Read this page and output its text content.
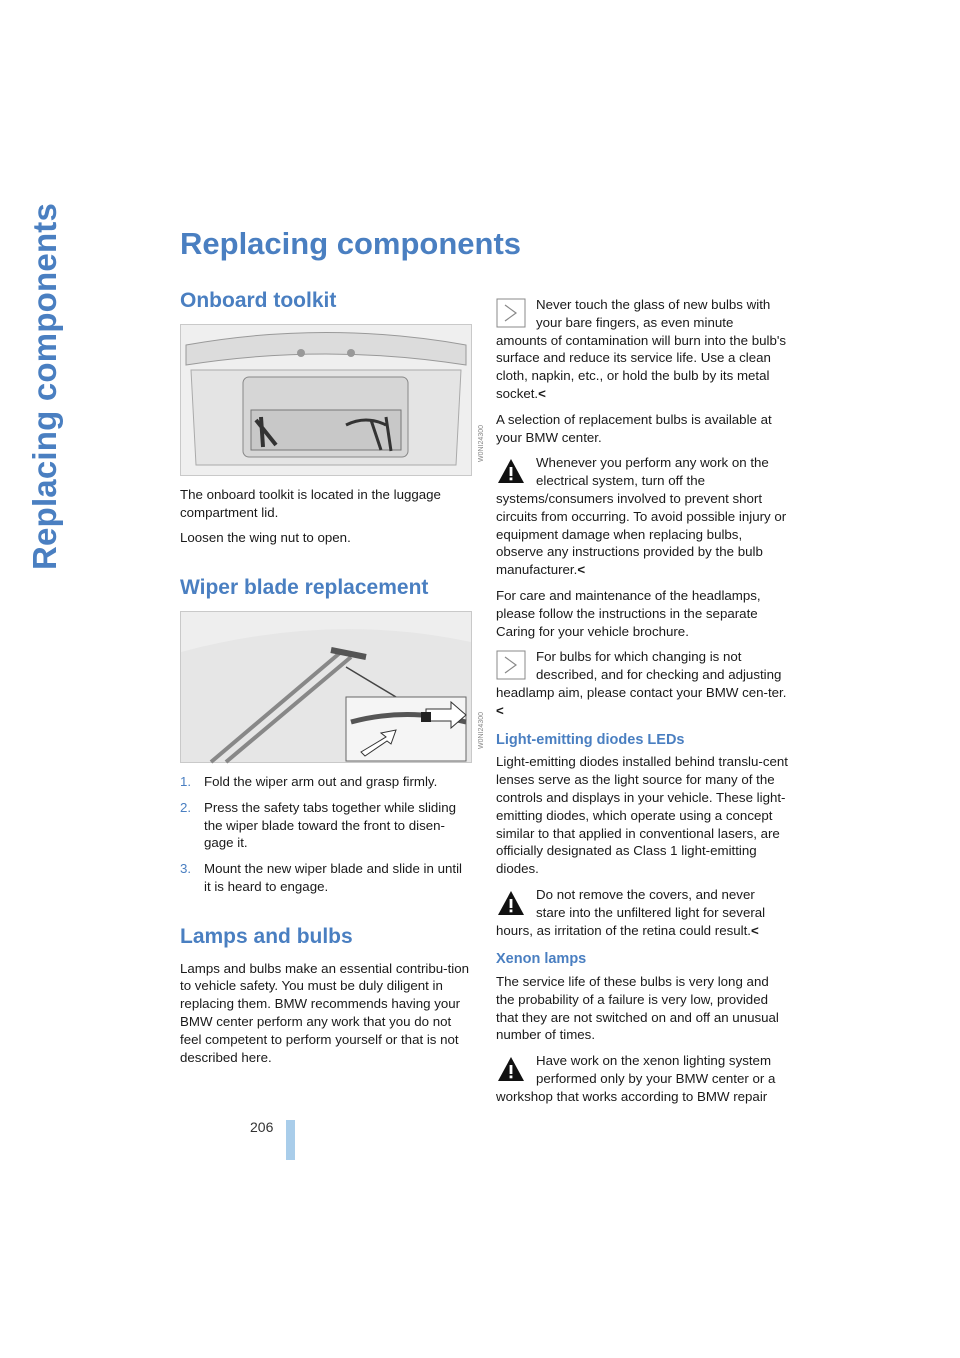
Replacing components	Replacing components
Onboard toolkit
W0NI24300

The onboard toolkit is located in the luggage compartment lid.

Loosen the wing nut to open.

Wiper blade replacement
W0NI24300
1. Fold the wiper arm out and grasp firmly.
2. Press the safety tabs together while sliding the wiper blade toward the front to disen-gage it.
3. Mount the new wiper blade and slide in until it is heard to engage.
Lamps and bulbs

Lamps and bulbs make an essential contribu-tion to vehicle safety. You must be duly diligent in replacing them. BMW recommends having your BMW center perform any work that you do not feel competent to perform yourself or that is not described here.

Never touch the glass of new bulbs with your bare fingers, as even minute amounts of contamination will burn into the bulb's surface and reduce its service life. Use a clean cloth, napkin, etc., or hold the bulb by its metal socket.<

A selection of replacement bulbs is available at your BMW center.

Whenever you perform any work on the electrical system, turn off the systems/consumers involved to prevent short circuits from occurring. To avoid possible injury or equipment damage when replacing bulbs, observe any instructions provided by the bulb manufacturer.<

For care and maintenance of the headlamps, please follow the instructions in the separate Caring for your vehicle brochure.

For bulbs for which changing is not described, and for checking and adjusting headlamp aim, please contact your BMW cen-ter.<
Light-emitting diodes LEDs

Light-emitting diodes installed behind translu-cent lenses serve as the light source for many of the controls and displays in your vehicle. These light-emitting diodes, which operate using a concept similar to that applied in conventional lasers, are officially designated as Class 1 light-emitting diodes.

Do not remove the covers, and never stare into the unfiltered light for several hours, as irritation of the retina could result.<
Xenon lamps

The service life of these bulbs is very long and the probability of a failure is very low, provided that they are not switched on and off an unusual number of times.

Have work on the xenon lighting system performed only by your BMW center or a workshop that works according to BMW repair
206
